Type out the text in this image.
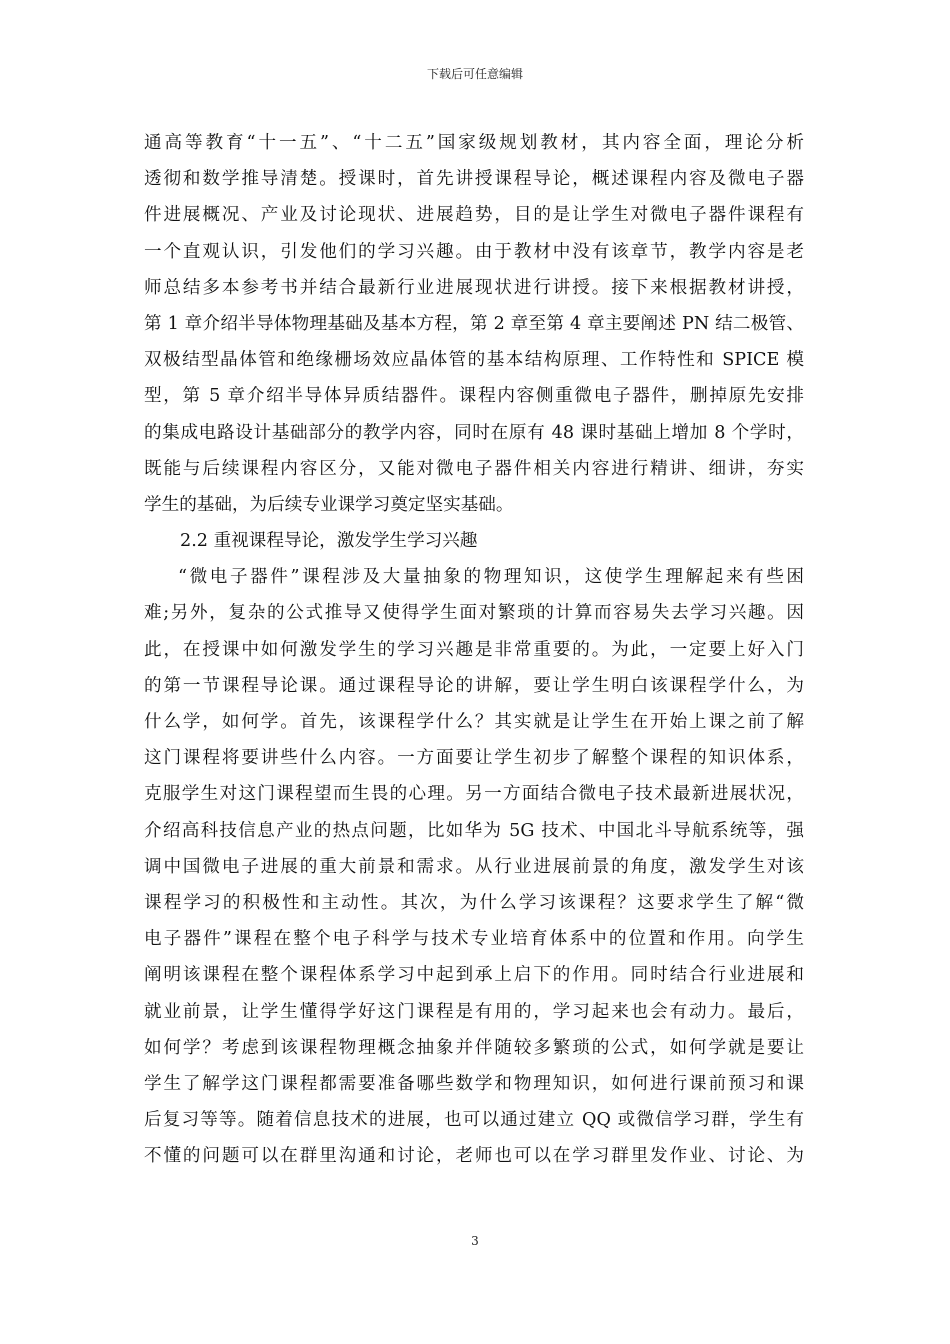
下载后可任意编辑
通高等教育“十一五”、“十二五”国家级规划教材，其内容全面，理论分析
透彻和数学推导清楚。授课时，首先讲授课程导论，概述课程内容及微电子器
件进展概况、产业及讨论现状、进展趋势，目的是让学生对微电子器件课程有
一个直观认识，引发他们的学习兴趣。由于教材中没有该章节，教学内容是老
师总结多本参考书并结合最新行业进展现状进行讲授。接下来根据教材讲授，
第 1 章介绍半导体物理基础及基本方程，第 2 章至第 4 章主要阐述 PN 结二极管、
双极结型晶体管和绝缘栅场效应晶体管的基本结构原理、工作特性和 SPICE 模
型，第 5 章介绍半导体异质结器件。课程内容侧重微电子器件，删掉原先安排
的集成电路设计基础部分的教学内容，同时在原有 48 课时基础上增加 8 个学时，
既能与后续课程内容区分，又能对微电子器件相关内容进行精讲、细讲，夯实
学生的基础，为后续专业课学习奠定坚实基础。
2.2 重视课程导论，激发学生学习兴趣
“微电子器件”课程涉及大量抽象的物理知识，这使学生理解起来有些困
难;另外，复杂的公式推导又使得学生面对繁琐的计算而容易失去学习兴趣。因
此，在授课中如何激发学生的学习兴趣是非常重要的。为此，一定要上好入门
的第一节课程导论课。通过课程导论的讲解，要让学生明白该课程学什么，为
什么学，如何学。首先，该课程学什么？其实就是让学生在开始上课之前了解
这门课程将要讲些什么内容。一方面要让学生初步了解整个课程的知识体系，
克服学生对这门课程望而生畏的心理。另一方面结合微电子技术最新进展状况，
介绍高科技信息产业的热点问题，比如华为 5G 技术、中国北斗导航系统等，强
调中国微电子进展的重大前景和需求。从行业进展前景的角度，激发学生对该
课程学习的积极性和主动性。其次，为什么学习该课程？这要求学生了解“微
电子器件”课程在整个电子科学与技术专业培育体系中的位置和作用。向学生
阐明该课程在整个课程体系学习中起到承上启下的作用。同时结合行业进展和
就业前景，让学生懂得学好这门课程是有用的，学习起来也会有动力。最后，
如何学？考虑到该课程物理概念抽象并伴随较多繁琐的公式，如何学就是要让
学生了解学这门课程都需要准备哪些数学和物理知识，如何进行课前预习和课
后复习等等。随着信息技术的进展，也可以通过建立 QQ 或微信学习群，学生有
不懂的问题可以在群里沟通和讨论，老师也可以在学习群里发作业、讨论、为
3
